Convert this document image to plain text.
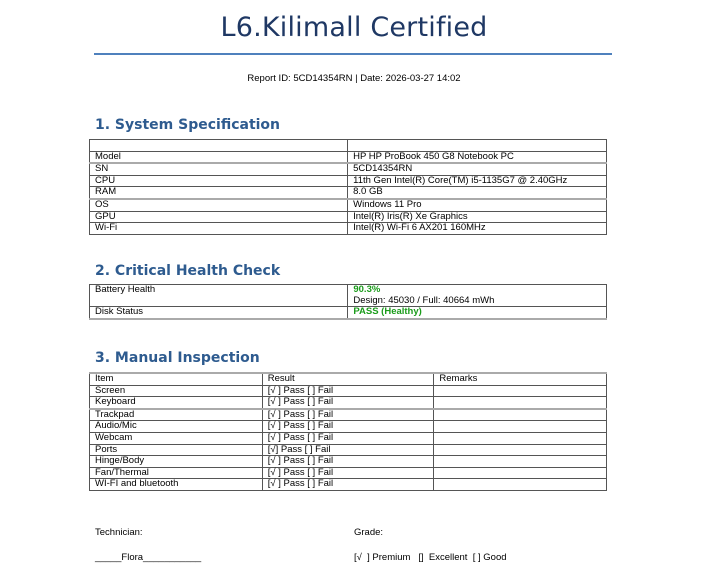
L6.Kilimall Certified
Report ID: 5CD14354RN | Date: 2026-03-27 14:02
1. System Specification

Model	HP HP ProBook 450 G8 Notebook PC
SN	5CD14354RN
CPU	11th Gen Intel(R) Core(TM) i5-1135G7 @ 2.40GHz
RAM	8.0 GB
OS	Windows 11 Pro
GPU	Intel(R) Iris(R) Xe Graphics
Wi-Fi	Intel(R) Wi-Fi 6 AX201 160MHz
2. Critical Health Check
Battery Health	90.3%
Design: 45030 / Full: 40664 mWh

Disk Status	PASS (Healthy)
3. Manual Inspection
Item	Result	Remarks
Screen	[√ ] Pass [ ] Fail	
Keyboard	[√ ] Pass [ ] Fail	
Trackpad	[√ ] Pass [ ] Fail	
Audio/Mic	[√ ] Pass [ ] Fail	
Webcam	[√ ] Pass [ ] Fail	
Ports	[√] Pass [ ] Fail	
Hinge/Body	[√ ] Pass [ ] Fail	
Fan/Thermal	[√ ] Pass [ ] Fail	
WI-FI and bluetooth	[√ ] Pass [ ] Fail	
Technician:
_____Flora___________
Grade:
[√  ] Premium   []  Excellent  [ ] Good
